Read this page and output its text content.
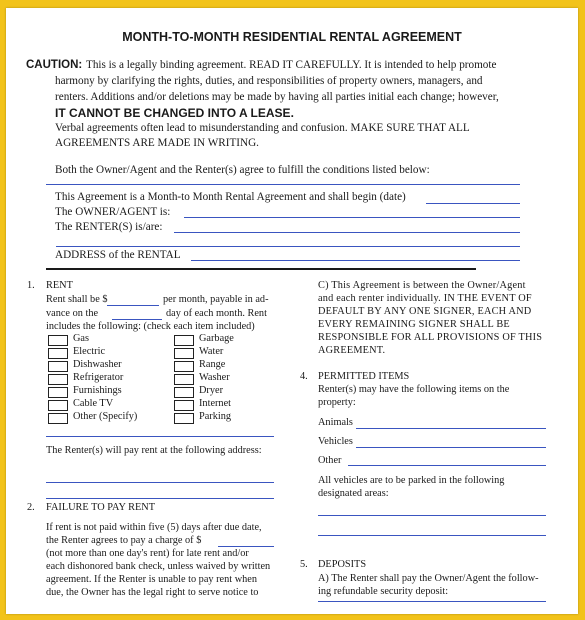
MONTH-TO-MONTH RESIDENTIAL RENTAL AGREEMENT
CAUTION: This is a legally binding agreement. READ IT CAREFULLY. It is intended to help promote
harmony by clarifying the rights, duties, and responsibilities of property owners, managers, and
renters. Additions and/or deletions may be made by having all parties initial each change; however,
IT CANNOT BE CHANGED INTO A LEASE.
Verbal agreements often lead to misunderstanding and confusion. MAKE SURE THAT ALL
AGREEMENTS ARE MADE IN WRITING.
Both the Owner/Agent and the Renter(s) agree to fulfill the conditions listed below:
This Agreement is a Month-to Month Rental Agreement and shall begin (date)
The OWNER/AGENT is:
The RENTER(S) is/are:
ADDRESS of the RENTAL
1. RENT
Rent shall be $	per month, payable in ad-
vance on the	day of each month. Rent
includes the following: (check each item included)
Gas
Electric
Dishwasher
Refrigerator
Furnishings
Cable TV
Other (Specify)
Garbage
Water
Range
Washer
Dryer
Internet
Parking
The Renter(s) will pay rent at the following address:
2. FAILURE TO PAY RENT
If rent is not paid within five (5) days after due date,
the Renter agrees to pay a charge of $
(not more than one day's rent) for late rent and/or
each dishonored bank check, unless waived by written
agreement. If the Renter is unable to pay rent when
due, the Owner has the legal right to serve notice to
C) This Agreement is between the Owner/Agent
and each renter individually. IN THE EVENT OF
DEFAULT BY ANY ONE SIGNER, EACH AND
EVERY REMAINING SIGNER SHALL BE
RESPONSIBLE FOR ALL PROVISIONS OF THIS
AGREEMENT.
4. PERMITTED ITEMS
Renter(s) may have the following items on the
property:
Animals
Vehicles
Other
All vehicles are to be parked in the following
designated areas:
5. DEPOSITS
A) The Renter shall pay the Owner/Agent the follow-
ing refundable security deposit:
